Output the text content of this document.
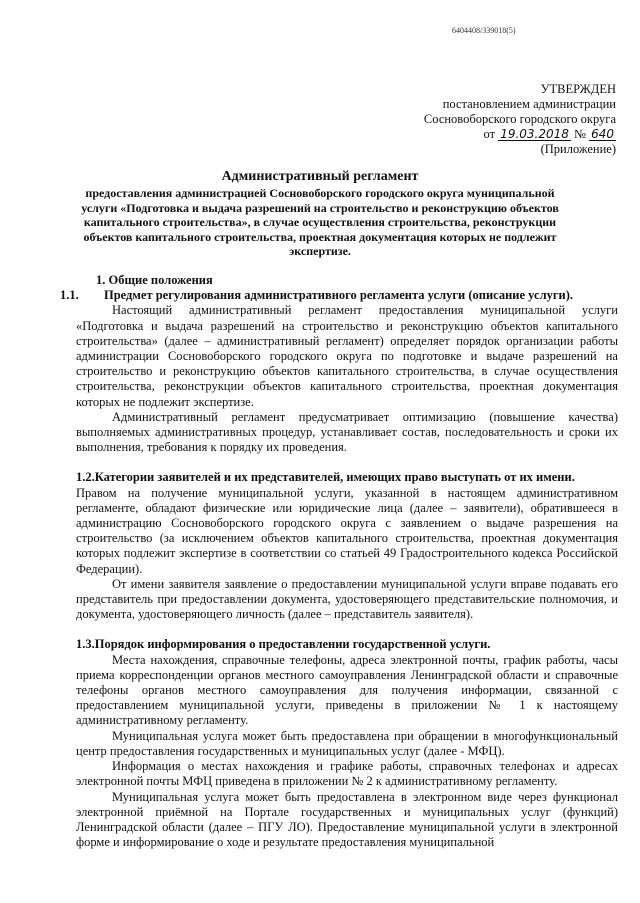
6404408/339018(5)
УТВЕРЖДЕН
постановлением администрации
Сосновоборского городского округа
от 19.03.2018 № 640
(Приложение)
Административный регламент
предоставления администрацией Сосновоборского городского округа муниципальной услуги «Подготовка и выдача разрешений на строительство и реконструкцию объектов капитального строительства», в случае осуществления строительства, реконструкции объектов капитального строительства, проектная документация которых не подлежит экспертизе.

1. Общие положения

1.1. Предмет регулирования административного регламента услуги (описание услуги).

Настоящий административный регламент предоставления муниципальной услуги «Подготовка и выдача разрешений на строительство и реконструкцию объектов капитального строительства» (далее – административный регламент) определяет порядок организации работы администрации Сосновоборского городского округа по подготовке и выдаче разрешений на строительство и реконструкцию объектов капитального строительства, в случае осуществления строительства, реконструкции объектов капитального строительства, проектная документация которых не подлежит экспертизе.

Административный регламент предусматривает оптимизацию (повышение качества) выполняемых административных процедур, устанавливает состав, последовательность и сроки их выполнения, требования к порядку их проведения.

1.2.Категории заявителей и их представителей, имеющих право выступать от их имени.

Правом на получение муниципальной услуги, указанной в настоящем административном регламенте, обладают физические или юридические лица (далее – заявители), обратившееся в администрацию Сосновоборского городского округа с заявлением о выдаче разрешения на строительство (за исключением объектов капитального строительства, проектная документация которых подлежит экспертизе в соответствии со статьей 49 Градостроительного кодекса Российской Федерации).

От имени заявителя заявление о предоставлении муниципальной услуги вправе подавать его представитель при предоставлении документа, удостоверяющего представительские полномочия, и документа, удостоверяющего личность (далее – представитель заявителя).

1.3.Порядок информирования о предоставлении государственной услуги.

Места нахождения, справочные телефоны, адреса электронной почты, график работы, часы приема корреспонденции органов местного самоуправления Ленинградской области и справочные телефоны органов местного самоуправления для получения информации, связанной с предоставлением муниципальной услуги, приведены в приложении № 1 к настоящему административному регламенту.

Муниципальная услуга может быть предоставлена при обращении в многофункциональный центр предоставления государственных и муниципальных услуг (далее - МФЦ).

Информация о местах нахождения и графике работы, справочных телефонах и адресах электронной почты МФЦ приведена в приложении № 2 к административному регламенту.

Муниципальная услуга может быть предоставлена в электронном виде через функционал электронной приёмной на Портале государственных и муниципальных услуг (функций) Ленинградской области (далее – ПГУ ЛО). Предоставление муниципальной услуги в электронной форме и информирование о ходе и результате предоставления муниципальной
